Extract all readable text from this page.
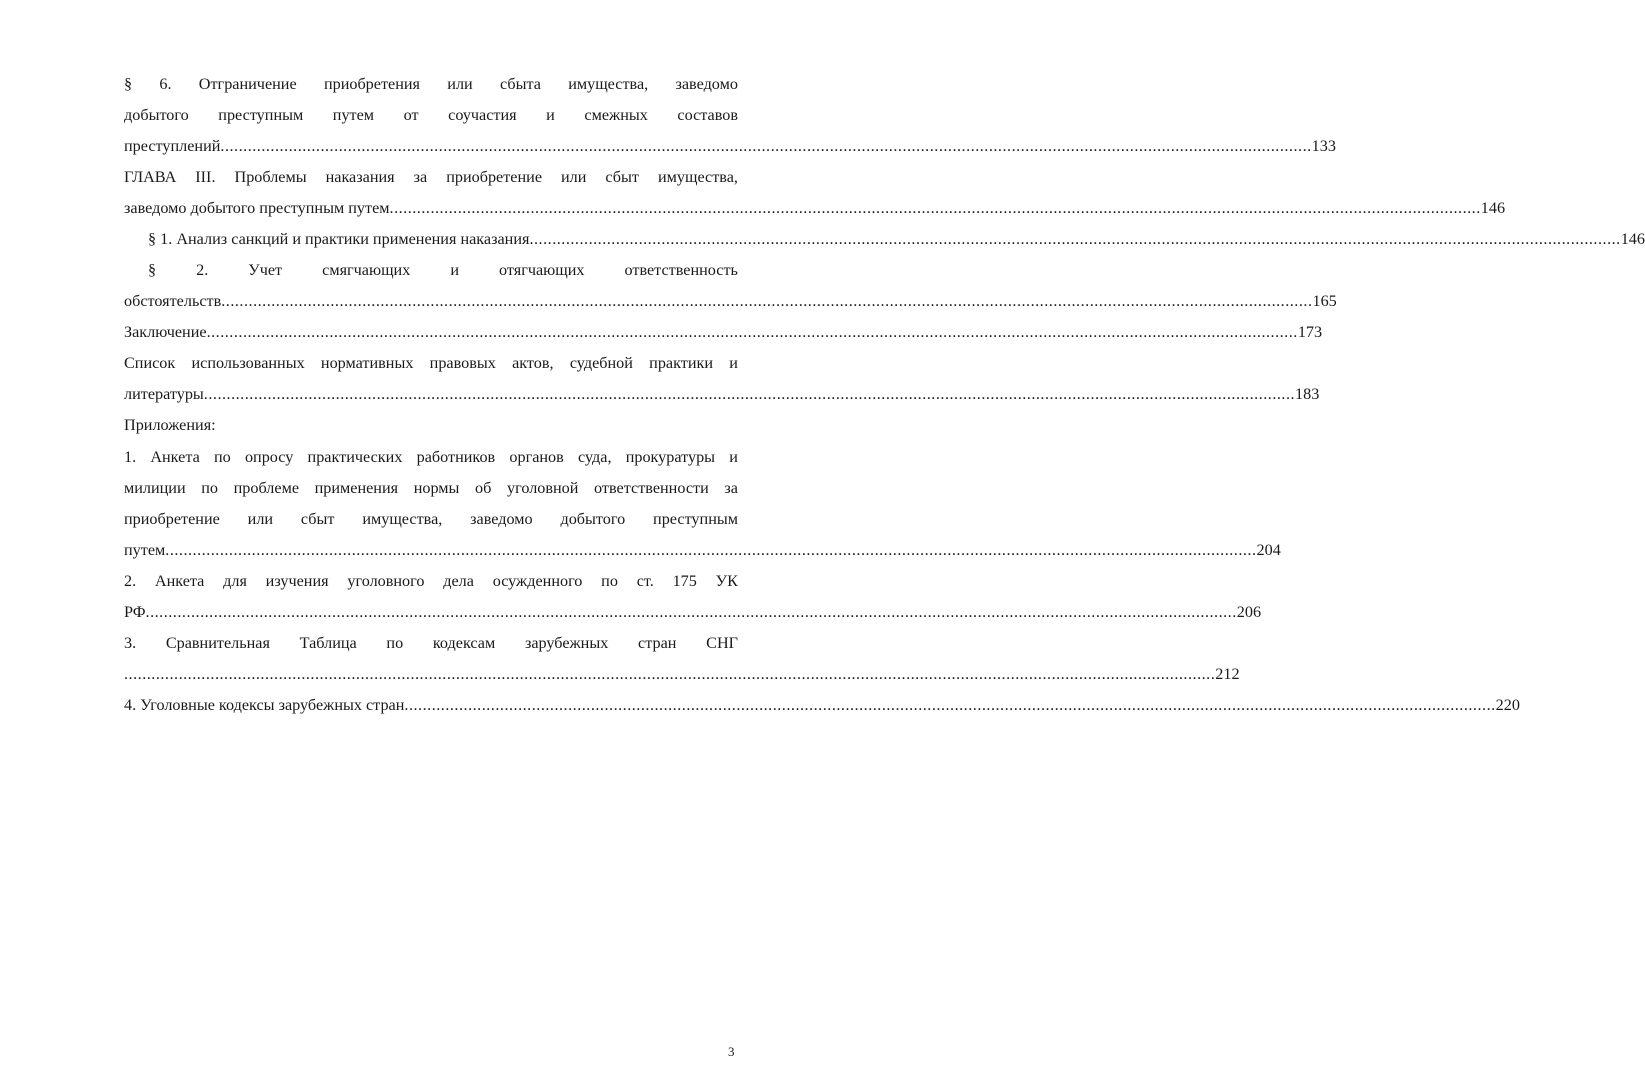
§ 6. Отграничение приобретения или сбыта имущества, заведомо
добытого преступным путем от соучастия и смежных составов
преступлений ................................................................................................................................................................................................................................................ 133
ГЛАВА III. Проблемы наказания за приобретение или сбыт имущества,
заведомо добытого преступным путем ................................................................................................................................................................................................................................................ 146
§ 1. Анализ санкций и практики применения наказания ................................................................................................................................................................................................................................................ 146
§ 2. Учет смягчающих и отягчающих ответственность
обстоятельств ................................................................................................................................................................................................................................................ 165
Заключение ................................................................................................................................................................................................................................................ 173
Список использованных нормативных правовых актов, судебной практики и
литературы ................................................................................................................................................................................................................................................ 183
Приложения:
1. Анкета по опросу практических работников органов суда, прокуратуры и
милиции по проблеме применения нормы об уголовной ответственности за
приобретение или сбыт имущества, заведомо добытого преступным
путем ................................................................................................................................................................................................................................................ 204
2. Анкета для изучения уголовного дела осужденного по ст. 175 УК
РФ ................................................................................................................................................................................................................................................ 206
3. Сравнительная Таблица по кодексам зарубежных стран СНГ
................................................................................................................................................................................................................................................ 212
4. Уголовные кодексы зарубежных стран ................................................................................................................................................................................................................................................ 220
3
